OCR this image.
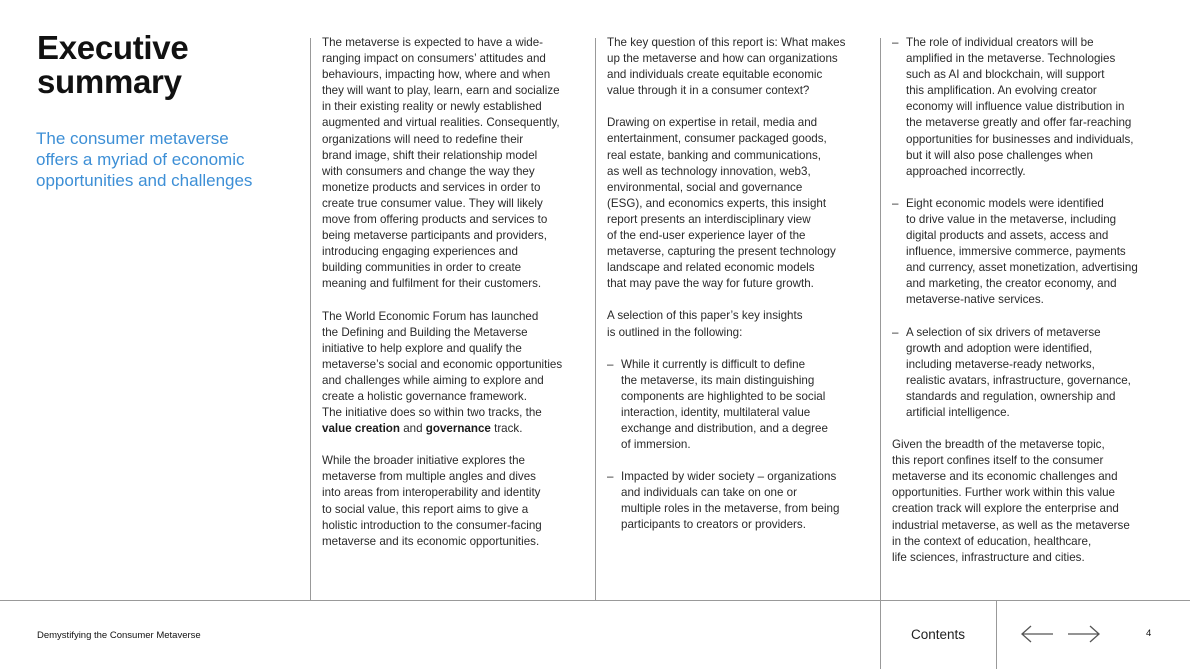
Executive
summary
The consumer metaverse
offers a myriad of economic
opportunities and challenges

The metaverse is expected to have a wide-
ranging impact on consumers’ attitudes and
behaviours, impacting how, where and when
they will want to play, learn, earn and socialize
in their existing reality or newly established
augmented and virtual realities. Consequently,
organizations will need to redefine their
brand image, shift their relationship model
with consumers and change the way they
monetize products and services in order to
create true consumer value. They will likely
move from offering products and services to
being metaverse participants and providers,
introducing engaging experiences and
building communities in order to create
meaning and fulfilment for their customers.

The World Economic Forum has launched
the Defining and Building the Metaverse
initiative to help explore and qualify the
metaverse’s social and economic opportunities
and challenges while aiming to explore and
create a holistic governance framework.
The initiative does so within two tracks, the
value creation and governance track.

While the broader initiative explores the
metaverse from multiple angles and dives
into areas from interoperability and identity
to social value, this report aims to give a
holistic introduction to the consumer-facing
metaverse and its economic opportunities.

The key question of this report is: What makes
up the metaverse and how can organizations
and individuals create equitable economic
value through it in a consumer context?

Drawing on expertise in retail, media and
entertainment, consumer packaged goods,
real estate, banking and communications,
as well as technology innovation, web3,
environmental, social and governance
(ESG), and economics experts, this insight
report presents an interdisciplinary view
of the end-user experience layer of the
metaverse, capturing the present technology
landscape and related economic models
that may pave the way for future growth.

A selection of this paper’s key insights
is outlined in the following:

– While it currently is difficult to define
the metaverse, its main distinguishing
components are highlighted to be social
interaction, identity, multilateral value
exchange and distribution, and a degree
of immersion.
– Impacted by wider society – organizations
and individuals can take on one or
multiple roles in the metaverse, from being
participants to creators or providers.
– The role of individual creators will be
amplified in the metaverse. Technologies
such as AI and blockchain, will support
this amplification. An evolving creator
economy will influence value distribution in
the metaverse greatly and offer far-reaching
opportunities for businesses and individuals,
but it will also pose challenges when
approached incorrectly.
– Eight economic models were identified
to drive value in the metaverse, including
digital products and assets, access and
influence, immersive commerce, payments
and currency, asset monetization, advertising
and marketing, the creator economy, and
metaverse-native services.
– A selection of six drivers of metaverse
growth and adoption were identified,
including metaverse-ready networks,
realistic avatars, infrastructure, governance,
standards and regulation, ownership and
artificial intelligence.

Given the breadth of the metaverse topic,
this report confines itself to the consumer
metaverse and its economic challenges and
opportunities. Further work within this value
creation track will explore the enterprise and
industrial metaverse, as well as the metaverse
in the context of education, healthcare,
life sciences, infrastructure and cities.

Demystifying the Consumer Metaverse	Contents	4
